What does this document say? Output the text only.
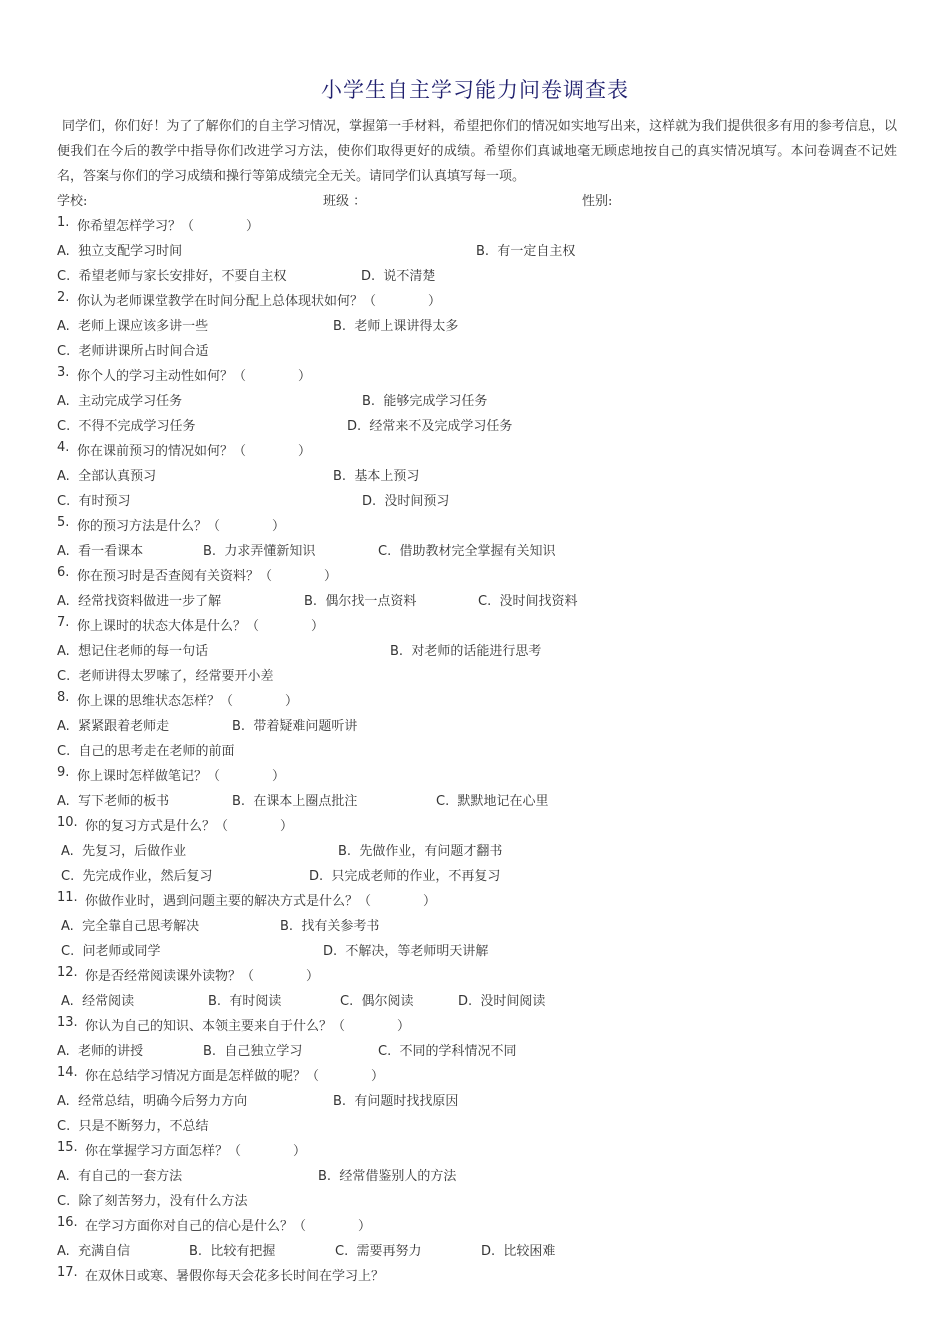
小学生自主学习能力问卷调查表
同学们，你们好！为了了解你们的自主学习情况，掌握第一手材料，希望把你们的情况如实地写出来，这样就为我们提供很多有用的参考信息，以便我们在今后的教学中指导你们改进学习方法，使你们取得更好的成绩。希望你们真诚地毫无顾虑地按自己的真实情况填写。本问卷调查不记姓名，答案与你们的学习成绩和操行等第成绩完全无关。请同学们认真填写每一项。
学校:	班级 ：	性别:
1. 你希望怎样学习？（　　　　）
A. 独立支配学习时间	B. 有一定自主权
C. 希望老师与家长安排好，不要自主权	D. 说不清楚
2. 你认为老师课堂教学在时间分配上总体现状如何？（　　　　）
A. 老师上课应该多讲一些	B. 老师上课讲得太多
C. 老师讲课所占时间合适
3. 你个人的学习主动性如何？（　　　　）
A. 主动完成学习任务	B. 能够完成学习任务
C. 不得不完成学习任务	D. 经常来不及完成学习任务
4. 你在课前预习的情况如何？（　　　　）
A. 全部认真预习	B. 基本上预习
C. 有时预习	D. 没时间预习
5. 你的预习方法是什么？（　　　　）
A. 看一看课本	B. 力求弄懂新知识	C. 借助教材完全掌握有关知识
6. 你在预习时是否查阅有关资料？（　　　　）
A. 经常找资料做进一步了解	B. 偶尔找一点资料	C. 没时间找资料
7. 你上课时的状态大体是什么？（　　　　）
A. 想记住老师的每一句话	B. 对老师的话能进行思考
C. 老师讲得太罗嗦了，经常要开小差
8. 你上课的思维状态怎样？（　　　　）
A. 紧紧跟着老师走	B. 带着疑难问题听讲
C. 自己的思考走在老师的前面
9. 你上课时怎样做笔记？（　　　　）
A. 写下老师的板书	B. 在课本上圈点批注	C. 默默地记在心里
10. 你的复习方式是什么？（　　　　）
A. 先复习，后做作业	B. 先做作业，有问题才翻书
C. 先完成作业，然后复习	D. 只完成老师的作业，不再复习
11. 你做作业时，遇到问题主要的解决方式是什么？（　　　　）
A. 完全靠自己思考解决	B. 找有关参考书
C. 问老师或同学	D. 不解决，等老师明天讲解
12. 你是否经常阅读课外读物？（　　　　）
A. 经常阅读	B. 有时阅读	C. 偶尔阅读	D. 没时间阅读
13. 你认为自己的知识、本领主要来自于什么？（　　　　）
A. 老师的讲授	B. 自己独立学习	C. 不同的学科情况不同
14. 你在总结学习情况方面是怎样做的呢？（　　　　）
A. 经常总结，明确今后努力方向	B. 有问题时找找原因
C. 只是不断努力，不总结
15. 你在掌握学习方面怎样？（　　　　）
A. 有自己的一套方法	B. 经常借鉴别人的方法
C. 除了刻苦努力，没有什么方法
16. 在学习方面你对自己的信心是什么？（　　　　）
A. 充满自信	B. 比较有把握	C. 需要再努力	D. 比较困难
17. 在双休日或寒、暑假你每天会花多长时间在学习上？
